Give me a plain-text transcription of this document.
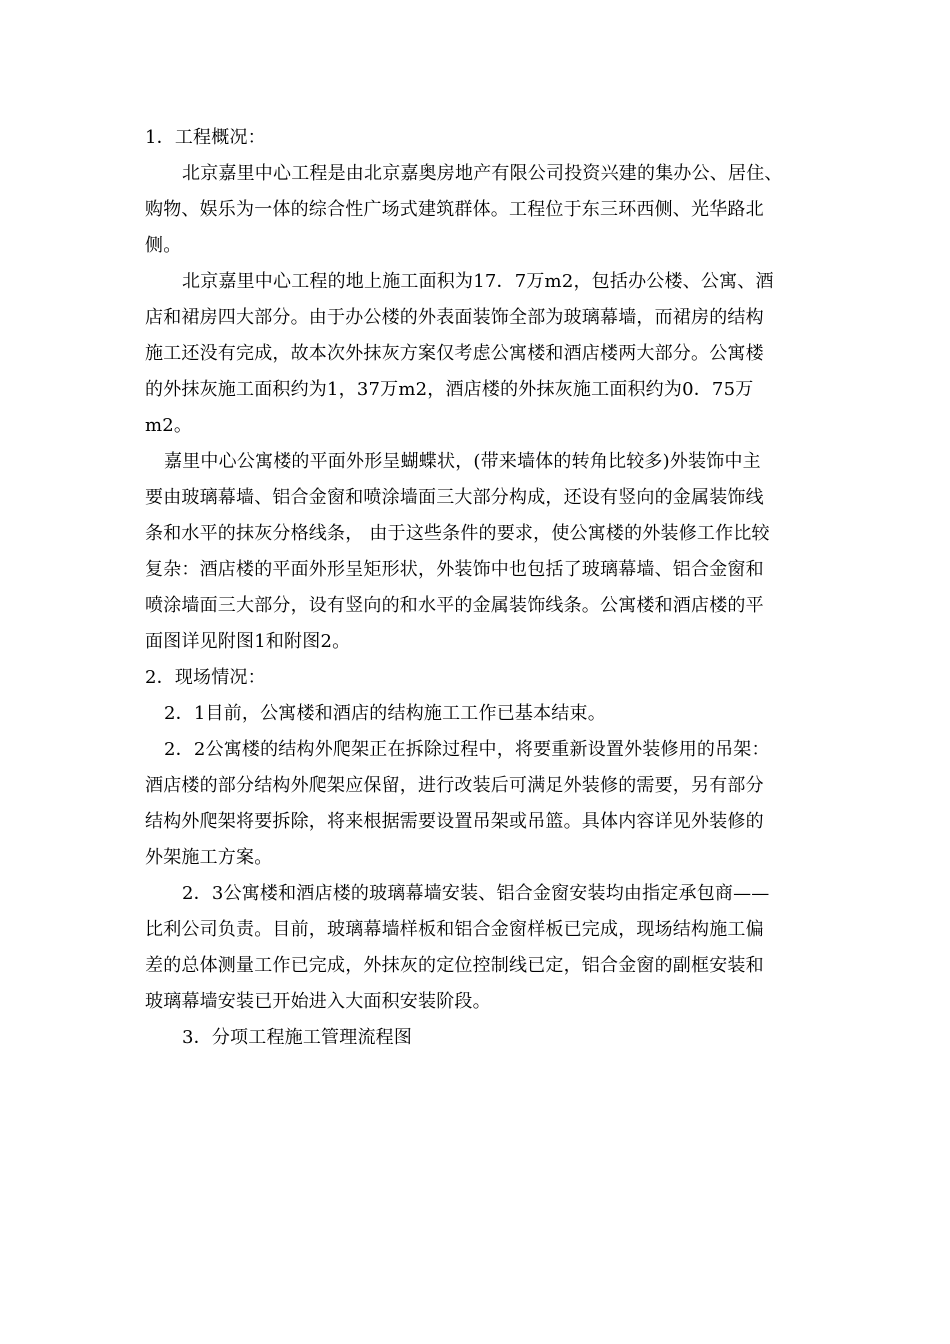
1．工程概况：
北京嘉里中心工程是由北京嘉奥房地产有限公司投资兴建的集办公、居住、
购物、娱乐为一体的综合性广场式建筑群体。工程位于东三环西侧、光华路北
侧。
北京嘉里中心工程的地上施工面积为17．7万m2，包括办公楼、公寓、酒
店和裙房四大部分。由于办公楼的外表面装饰全部为玻璃幕墙，而裙房的结构
施工还没有完成，故本次外抹灰方案仅考虑公寓楼和酒店楼两大部分。公寓楼
的外抹灰施工面积约为1，37万m2，酒店楼的外抹灰施工面积约为0．75万
m2。
嘉里中心公寓楼的平面外形呈蝴蝶状，(带来墙体的转角比较多)外装饰中主
要由玻璃幕墙、铝合金窗和喷涂墙面三大部分构成，还设有竖向的金属装饰线
条和水平的抹灰分格线条， 由于这些条件的要求，使公寓楼的外装修工作比较
复杂：酒店楼的平面外形呈矩形状，外装饰中也包括了玻璃幕墙、铝合金窗和
喷涂墙面三大部分，设有竖向的和水平的金属装饰线条。公寓楼和酒店楼的平
面图详见附图1和附图2。
2．现场情况：
2．1目前，公寓楼和酒店的结构施工工作已基本结束。
2．2公寓楼的结构外爬架正在拆除过程中，将要重新设置外装修用的吊架：
酒店楼的部分结构外爬架应保留，进行改装后可满足外装修的需要，另有部分
结构外爬架将要拆除，将来根据需要设置吊架或吊篮。具体内容详见外装修的
外架施工方案。
2．3公寓楼和酒店楼的玻璃幕墙安装、铝合金窗安装均由指定承包商——
比利公司负责。目前，玻璃幕墙样板和铝合金窗样板已完成，现场结构施工偏
差的总体测量工作已完成，外抹灰的定位控制线已定，铝合金窗的副框安装和
玻璃幕墙安装已开始进入大面积安装阶段。
3．分项工程施工管理流程图
